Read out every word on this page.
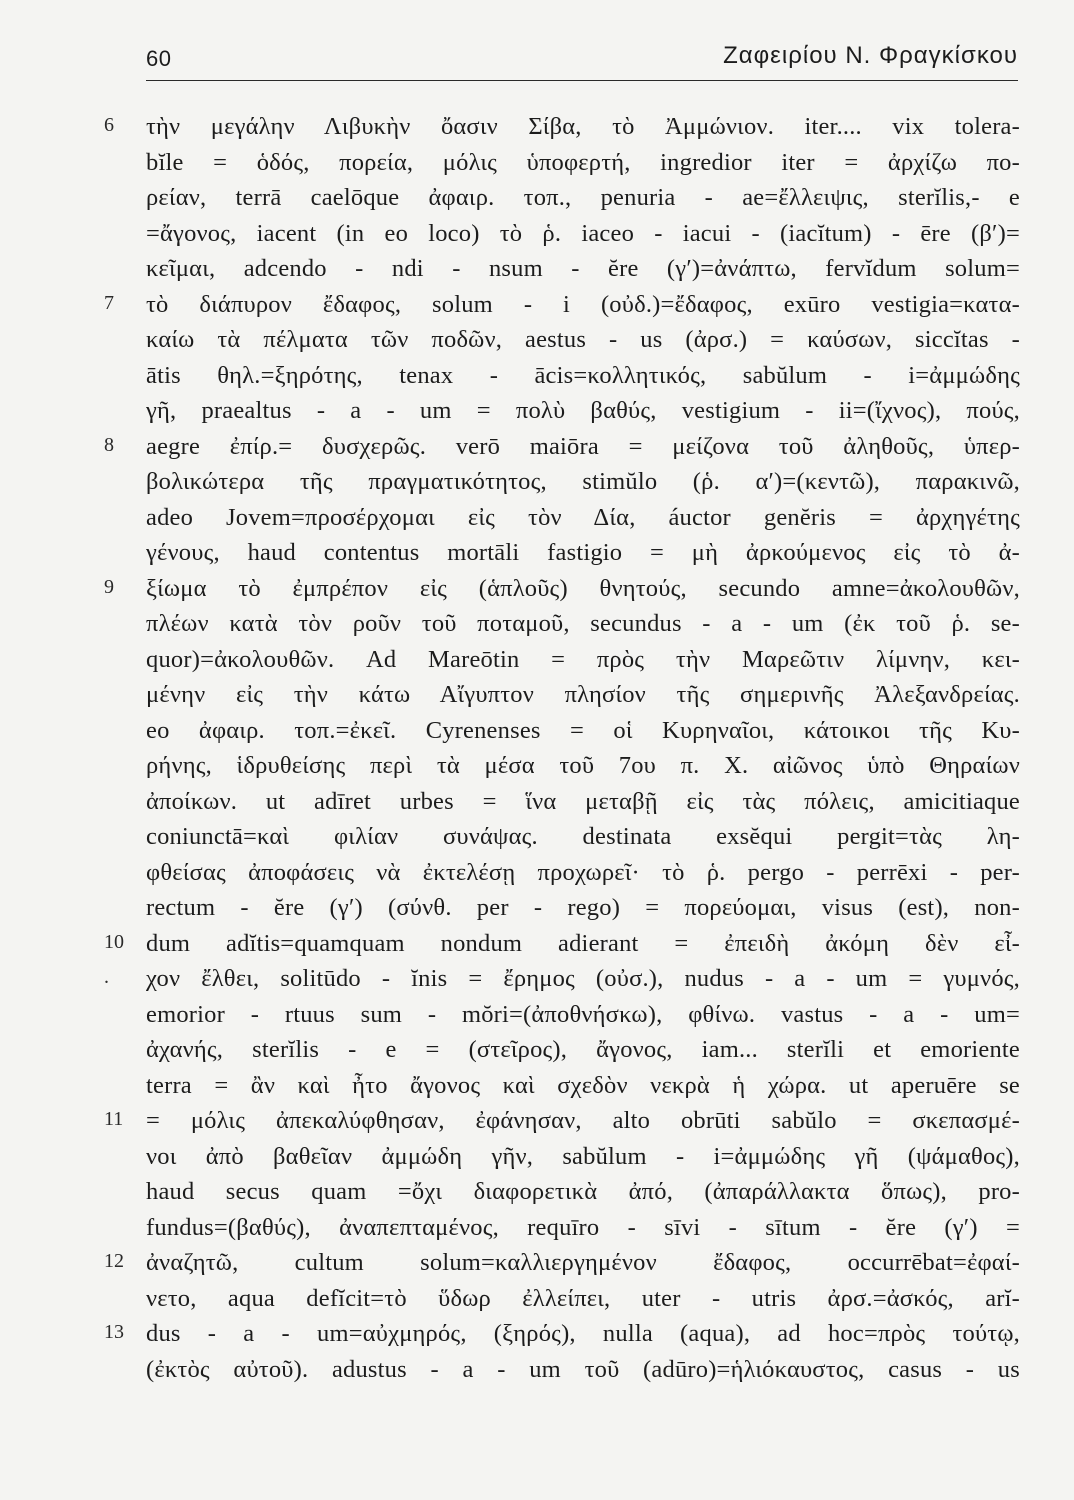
60	Ζαφειρίου Ν. Φραγκίσκου
6	τὴν μεγάλην Λιβυκὴν ὄασιν Σίβα, τὸ Ἀμμώνιον. iter.... vix tolera-
bĭle = ὁδός, πορεία, μόλις ὑποφερτή, ingredior iter = ἀρχίζω πο-
ρείαν, terrā caelōque ἀφαιρ. τοπ., penuria - ae=ἔλλειψις, sterĭlis,- e
=ἄγονος, iacent (in eo loco) τὸ ῥ. iaceo - iacui - (iacĭtum) - ēre (β′)=
κεῖμαι, adcendo - ndi - nsum - ĕre (γ′)=ἀνάπτω, fervĭdum solum=
7	τὸ διάπυρον ἔδαφος, solum - i (οὐδ.)=ἔδαφος, exūro vestigia=κατα-
καίω τὰ πέλματα τῶν ποδῶν, aestus - us (ἀρσ.) = καύσων, siccĭtas -
ātis θηλ.=ξηρότης, tenax - ācis=κολλητικός, sabŭlum - i=ἀμμώδης
γῆ, praealtus - a - um = πολὺ βαθύς, vestigium - ii=(ἴχνος), πούς,
8	aegre ἐπίρ.= δυσχερῶς. verō maiōra = μείζονα τοῦ ἀληθοῦς, ὑπερ-
βολικώτερα τῆς πραγματικότητος, stimŭlo (ῥ. α′)=(κεντῶ), παρακινῶ,
adeo Jovem=προσέρχομαι εἰς τὸν Δία, áuctor genĕris = ἀρχηγέτης
γένους, haud contentus mortāli fastigio = μὴ ἀρκούμενος εἰς τὸ ἀ-
9	ξίωμα τὸ ἐμπρέπον εἰς (ἁπλοῦς) θνητούς, secundo amne=ἀκολουθῶν,
πλέων κατὰ τὸν ροῦν τοῦ ποταμοῦ, secundus - a - um (ἐκ τοῦ ῥ. se-
quor)=ἀκολουθῶν. Ad Mareōtin = πρὸς τὴν Μαρεῶτιν λίμνην, κει-
μένην εἰς τὴν κάτω Αἴγυπτον πλησίον τῆς σημερινῆς Ἀλεξανδρείας.
eo ἀφαιρ. τοπ.=ἐκεῖ. Cyrenenses = οἱ Κυρηναῖοι, κάτοικοι τῆς Κυ-
ρήνης, ἱδρυθείσης περὶ τὰ μέσα τοῦ 7ου π. Χ. αἰῶνος ὑπὸ Θηραίων
ἀποίκων. ut adīret urbes = ἵνα μεταβῇ εἰς τὰς πόλεις, amicitiaque
coniunctā=καὶ φιλίαν συνάψας. destinata exsĕqui pergit=τὰς λη-
φθείσας ἀποφάσεις νὰ ἐκτελέσῃ προχωρεῖ· τὸ ῥ. pergo - perrēxi - per-
rectum - ĕre (γ′) (σύνθ. per - rego) = πορεύομαι, visus (est), non-
10 dum adĭtis=quamquam nondum adierant = ἐπειδὴ ἀκόμη δὲν εἶ-
.	χον ἔλθει, solitūdo - ĭnis = ἔρημος (οὐσ.), nudus - a - um = γυμνός,
emorior - rtuus sum - mŏri=(ἀποθνήσκω), φθίνω. vastus - a - um=
ἀχανής, sterĭlis - e = (στεῖρος), ἄγονος, iam... sterĭli et emoriente
terra = ἂν καὶ ἦτο ἄγονος καὶ σχεδὸν νεκρὰ ἡ χώρα. ut aperuēre se
11 = μόλις ἀπεκαλύφθησαν, ἐφάνησαν, alto obrūti sabŭlo = σκεπασμέ-
νοι ἀπὸ βαθεῖαν ἀμμώδη γῆν, sabŭlum - i=ἀμμώδης γῆ (ψάμαθος),
haud secus quam =ὄχι διαφορετικὰ ἀπό, (ἀπαράλλακτα ὅπως), pro-
fundus=(βαθύς), ἀναπεπταμένος, requīro - sīvi - sītum - ĕre (γ′) =
12 ἀναζητῶ, cultum solum=καλλιεργημένον ἔδαφος, occurrēbat=ἐφαί-
νετο, aqua defĭcit=τὸ ὕδωρ ἐλλείπει, uter - utris ἀρσ.=ἀσκός, arĭ-
13 dus - a - um=αὐχμηρός, (ξηρός), nulla (aqua), ad hoc=πρὸς τούτῳ,
(ἐκτὸς αὐτοῦ). adustus - a - um τοῦ (adūro)=ἡλιόκαυστος, casus - us
